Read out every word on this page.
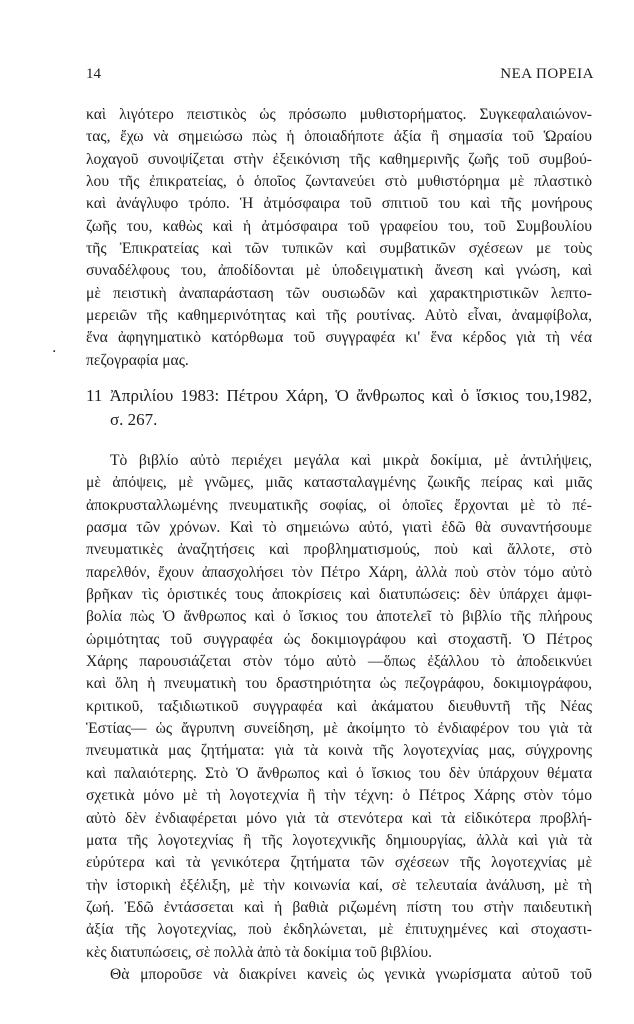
14	ΝΕΑ ΠΟΡΕΙΑ
.
καὶ λιγότερο πειστικὸς ὡς πρόσωπο μυθιστορήματος. Συγκεφαλαιώνον-
τας, ἔχω νὰ σημειώσω πὼς ἡ ὁποιαδήποτε ἀξία ἢ σημασία τοῦ Ὡραίου
λοχαγοῦ συνοψίζεται στὴν ἐξεικόνιση τῆς καθημερινῆς ζωῆς τοῦ συμβού-
λου τῆς ἐπικρατείας, ὁ ὁποῖος ζωντανεύει στὸ μυθιστόρημα μὲ πλαστικὸ
καὶ ἀνάγλυφο τρόπο. Ἡ ἀτμόσφαιρα τοῦ σπιτιοῦ του καὶ τῆς μονήρους
ζωῆς του, καθὼς καὶ ἡ ἀτμόσφαιρα τοῦ γραφείου του, τοῦ Συμβουλίου
τῆς Ἐπικρατείας καὶ τῶν τυπικῶν καὶ συμβατικῶν σχέσεων με τοὺς
συναδέλφους του, ἀποδίδονται μὲ ὑποδειγματικὴ ἄνεση καὶ γνώση, καὶ
μὲ πειστικὴ ἀναπαράσταση τῶν ουσιωδῶν καὶ χαρακτηριστικῶν λεπτο-
μερειῶν τῆς καθημερινότητας καὶ τῆς ρουτίνας. Αὐτὸ εἶναι, ἀναμφίβολα,
ἕνα ἀφηγηματικὸ κατόρθωμα τοῦ συγγραφέα κι' ἕνα κέρδος γιὰ τὴ νέα
πεζογραφία μας.
11 Ἀπριλίου 1983: Πέτρου Χάρη, Ὁ ἄνθρωπος καὶ ὁ ἴσκιος του,1982,
σ. 267.
Τὸ βιβλίο αὐτὸ περιέχει μεγάλα καὶ μικρὰ δοκίμια, μὲ ἀντιλήψεις,
μὲ ἀπόψεις, μὲ γνῶμες, μιᾶς κατασταλαγμένης ζωικῆς πείρας καὶ μιᾶς
ἀποκρυσταλλωμένης πνευματικῆς σοφίας, οἱ ὁποῖες ἔρχονται μὲ τὸ πέ-
ρασμα τῶν χρόνων. Καὶ τὸ σημειώνω αὐτό, γιατὶ ἐδῶ θὰ συναντήσουμε
πνευματικὲς ἀναζητήσεις καὶ προβληματισμούς, ποὺ καὶ ἄλλοτε, στὸ
παρελθόν, ἔχουν ἀπασχολήσει τὸν Πέτρο Χάρη, ἀλλὰ ποὺ στὸν τόμο αὐτὸ
βρῆκαν τὶς ὁριστικές τους ἀποκρίσεις καὶ διατυπώσεις: δὲν ὑπάρχει ἀμφι-
βολία πὼς Ὁ ἄνθρωπος καὶ ὁ ἴσκιος του ἀποτελεῖ τὸ βιβλίο τῆς πλήρους
ὡριμότητας τοῦ συγγραφέα ὡς δοκιμιογράφου καὶ στοχαστῆ. Ὁ Πέτρος
Χάρης παρουσιάζεται στὸν τόμο αὐτὸ —ὅπως ἐξάλλου τὸ ἀποδεικνύει
καὶ ὅλη ἡ πνευματικὴ του δραστηριότητα ὡς πεζογράφου, δοκιμιογράφου,
κριτικοῦ, ταξιδιωτικοῦ συγγραφέα καὶ ἀκάματου διευθυντῆ τῆς Νέας
Ἑστίας— ὡς ἄγρυπνη συνείδηση, μὲ ἀκοίμητο τὸ ἐνδιαφέρον του γιὰ τὰ
πνευματικὰ μας ζητήματα: γιὰ τὰ κοινὰ τῆς λογοτεχνίας μας, σύγχρονης
καὶ παλαιότερης. Στὸ Ὁ ἄνθρωπος καὶ ὁ ἴσκιος του δὲν ὑπάρχουν θέματα
σχετικὰ μόνο μὲ τὴ λογοτεχνία ἢ τὴν τέχνη: ὁ Πέτρος Χάρης στὸν τόμο
αὐτὸ δὲν ἐνδιαφέρεται μόνο γιὰ τὰ στενότερα καὶ τὰ εἰδικότερα προβλή-
ματα τῆς λογοτεχνίας ἢ τῆς λογοτεχνικῆς δημιουργίας, ἀλλὰ καὶ γιὰ τὰ
εὐρύτερα καὶ τὰ γενικότερα ζητήματα τῶν σχέσεων τῆς λογοτεχνίας μὲ
τὴν ἱστορικὴ ἐξέλιξη, μὲ τὴν κοινωνία καί, σὲ τελευταία ἀνάλυση, μὲ τὴ
ζωή. Ἐδῶ ἐντάσσεται καὶ ἡ βαθιὰ ριζωμένη πίστη του στὴν παιδευτικὴ
ἀξία τῆς λογοτεχνίας, ποὺ ἐκδηλώνεται, μὲ ἐπιτυχημένες καὶ στοχαστι-
κὲς διατυπώσεις, σὲ πολλὰ ἀπὸ τὰ δοκίμια τοῦ βιβλίου.
Θὰ μποροῦσε νὰ διακρίνει κανεὶς ὡς γενικὰ γνωρίσματα αὐτοῦ τοῦ
